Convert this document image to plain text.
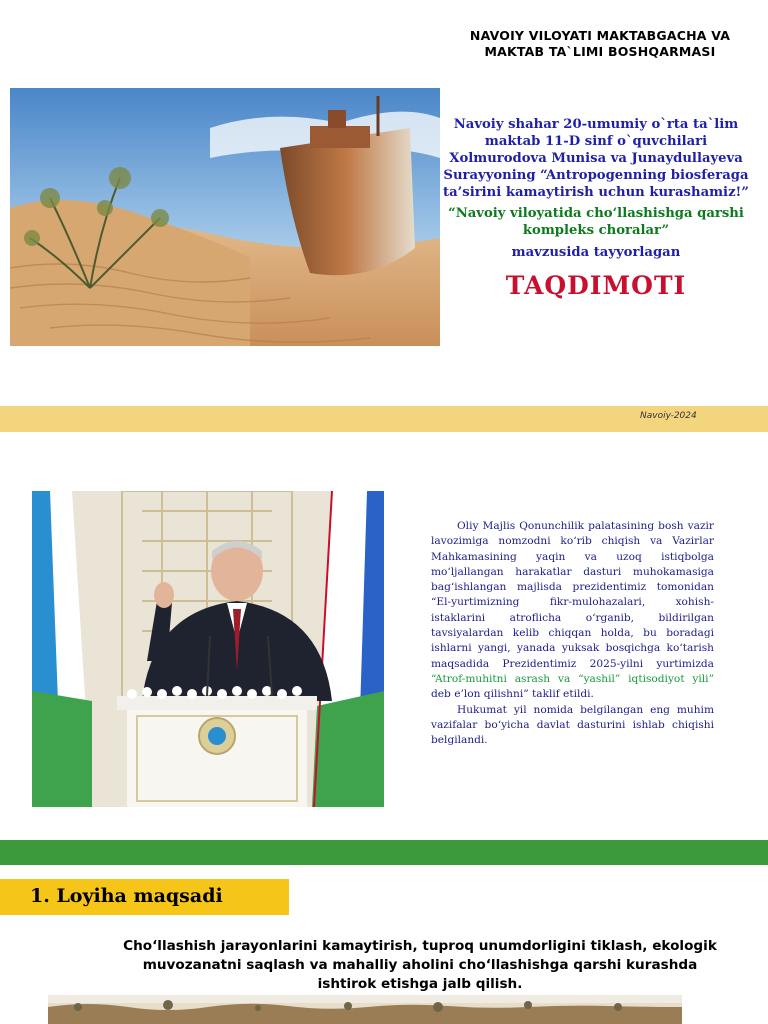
NAVOIY VILOYATI MAKTABGACHA VA
MAKTAB TA`LIMI BOSHQARMASI

Navoiy shahar 20-umumiy o`rta ta`lim maktab 11-D sinf o`quvchilari Xolmurodova Munisa va Junaydullayeva Surayyoning “Antropogenning biosferaga ta’sirini kamaytirish uchun kurashamiz!”

“Navoiy viloyatida cho‘llashishga qarshi kompleks choralar”

mavzusida tayyorlagan

TAQDIMOTI

Navoiy-2024

Oliy Majlis Qonunchilik palatasining bosh vazir lavozimiga nomzodni ko‘rib chiqish va Vazirlar Mahkamasining yaqin va uzoq istiqbolga mo‘ljallangan harakatlar dasturi muhokamasiga bag‘ishlangan majlisda prezidentimiz tomonidan “El-yurtimizning fikr-mulohazalari, xohish-istaklarini atroflicha o‘rganib, bildirilgan tavsiyalardan kelib chiqqan holda, bu boradagi ishlarni yangi, yanada yuksak bosqichga ko‘tarish maqsadida Prezidentimiz 2025-yilni yurtimizda “Atrof-muhitni asrash va “yashil” iqtisodiyot yili” deb e’lon qilishni” taklif etildi.

Hukumat yil nomida belgilangan eng muhim vazifalar bo‘yicha davlat dasturini ishlab chiqishi belgilandi.

1. Loyiha maqsadi
Cho‘llashish jarayonlarini kamaytirish, tuproq unumdorligini tiklash, ekologik muvozanatni saqlash va mahalliy aholini cho‘llashishga qarshi kurashda ishtirok etishga jalb qilish.
